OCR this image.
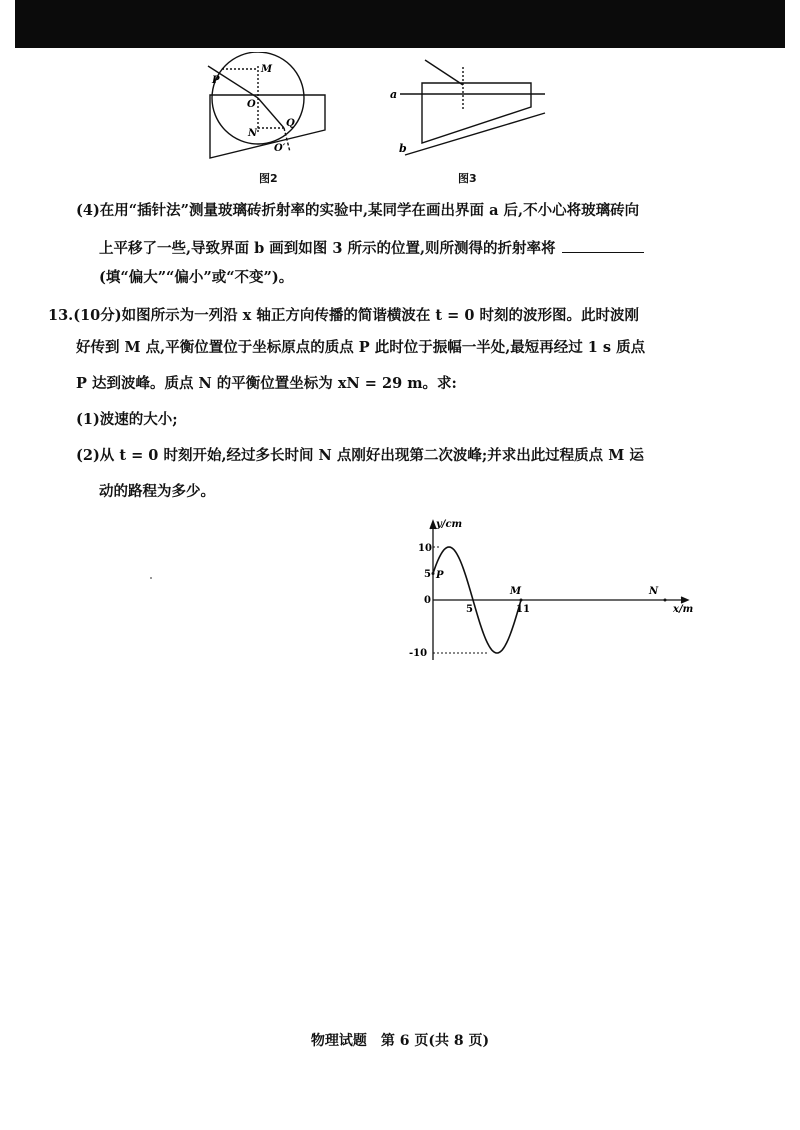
P
M
O
N
Q
O′
图2
a
b
图3
(4)在用“插针法”测量玻璃砖折射率的实验中,某同学在画出界面 a 后,不小心将玻璃砖向
上平移了一些,导致界面 b 画到如图 3 所示的位置,则所测得的折射率将
(填“偏大”“偏小”或“不变”)。
13.(10分)如图所示为一列沿 x 轴正方向传播的简谐横波在 t = 0 时刻的波形图。此时波刚
好传到 M 点,平衡位置位于坐标原点的质点 P 此时位于振幅一半处,最短再经过 1 s 质点
P 达到波峰。质点 N 的平衡位置坐标为 xN = 29 m。求:
(1)波速的大小;
(2)从 t = 0 时刻开始,经过多长时间 N 点刚好出现第二次波峰;并求出此过程质点 M 运
动的路程为多少。
y/cm
x/m
10
5
0
-10
5	11
P
M	N
物理试题　第 6 页(共 8 页)
